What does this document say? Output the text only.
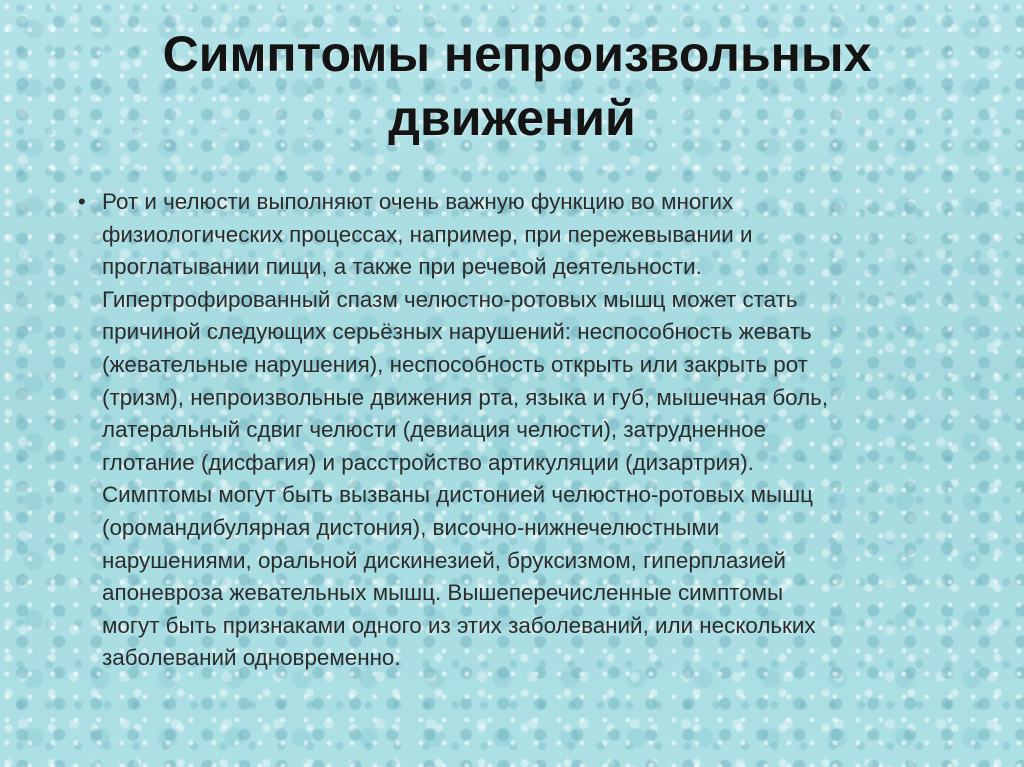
Симптомы непроизвольных
движений
• Рот и челюсти выполняют очень важную функцию во многих
физиологических процессах, например, при пережевывании и
проглатывании пищи, а также при речевой деятельности.
Гипертрофированный спазм челюстно-ротовых мышц может стать
причиной следующих серьёзных нарушений: неспособность жевать
(жевательные нарушения), неспособность открыть или закрыть рот
(тризм), непроизвольные движения рта, языка и губ, мышечная боль,
латеральный сдвиг челюсти (девиация челюсти), затрудненное
глотание (дисфагия) и расстройство артикуляции (дизартрия).
Симптомы могут быть вызваны дистонией челюстно-ротовых мышц
(оромандибулярная дистония), височно-нижнечелюстными
нарушениями, оральной дискинезией, бруксизмом, гиперплазией
апоневроза жевательных мышц. Вышеперечисленные симптомы
могут быть признаками одного из этих заболеваний, или нескольких
заболеваний одновременно.
